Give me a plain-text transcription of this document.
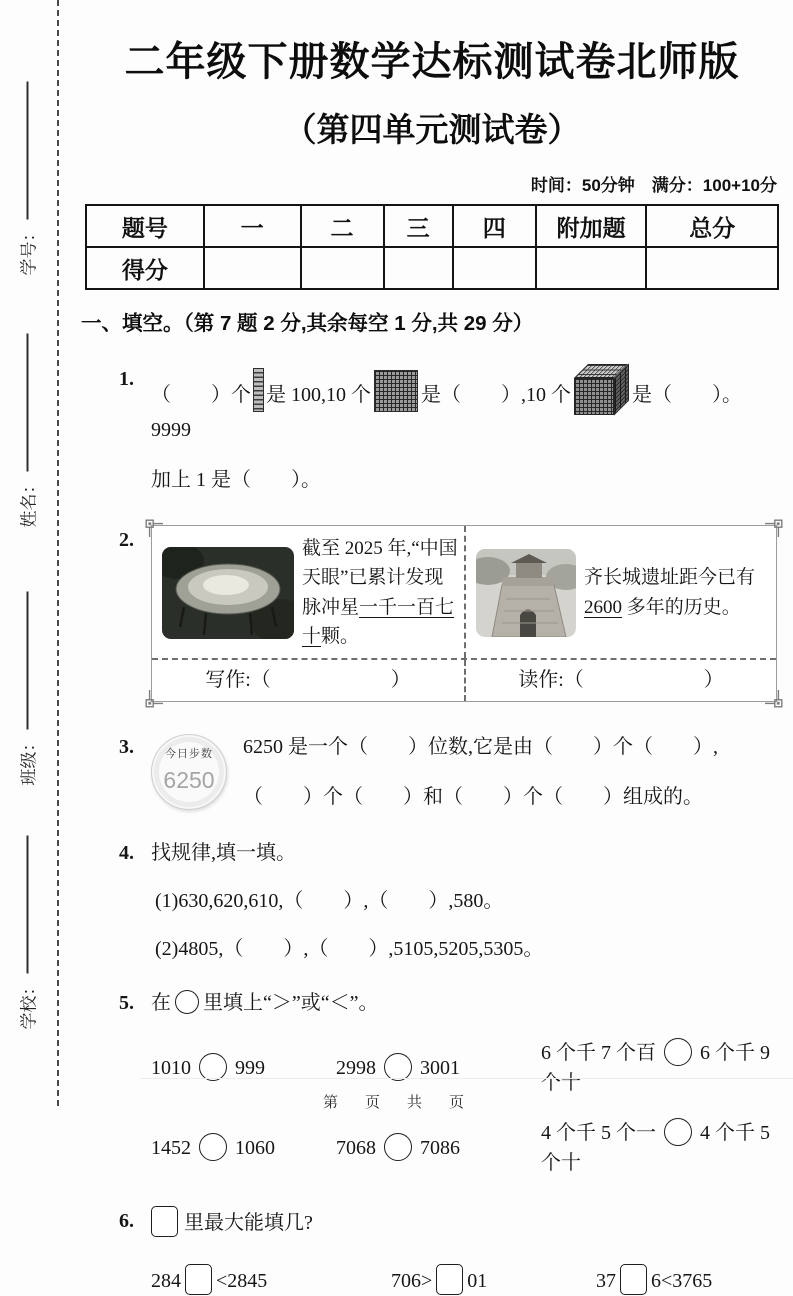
学号：
姓名：
班级：
学校：
二年级下册数学达标测试卷北师版
（第四单元测试卷）
时间：50分钟　满分：100+10分
题号	一	二	三	四	附加题	总分
得分						
一、填空。（第 7 题 2 分,其余每空 1 分,共 29 分）
1.
（　　）个 是 100,10 个	是（　　）,10 个	是（　　）。9999
加上 1 是（　　）。
2.	截至 2025 年,“中国天眼”已累计发现脉冲星一千一百七十颗。
齐长城遗址距今已有 2600 多年的历史。
写作:（　　　　　　）	读作:（　　　　　　）
3.	今日步数
6250
6250 是一个（　　）位数,它是由（　　）个（　　）,
（　　）个（　　）和（　　）个（　　）组成的。
4. 找规律,填一填。
(1)630,620,610,（　　）,（　　）,580。
(2)4805,（　　）,（　　）,5105,5205,5305。
5. 在 里填上“＞”或“＜”。
1010 999	2998 3001
6 个千 7 个百 6 个千 9 个十
1452 1060	7068 7086
4 个千 5 个一 4 个千 5 个十
6.	里最大能填几?
284 <2845	706> 01	37 6<3765
第　页　共　页
